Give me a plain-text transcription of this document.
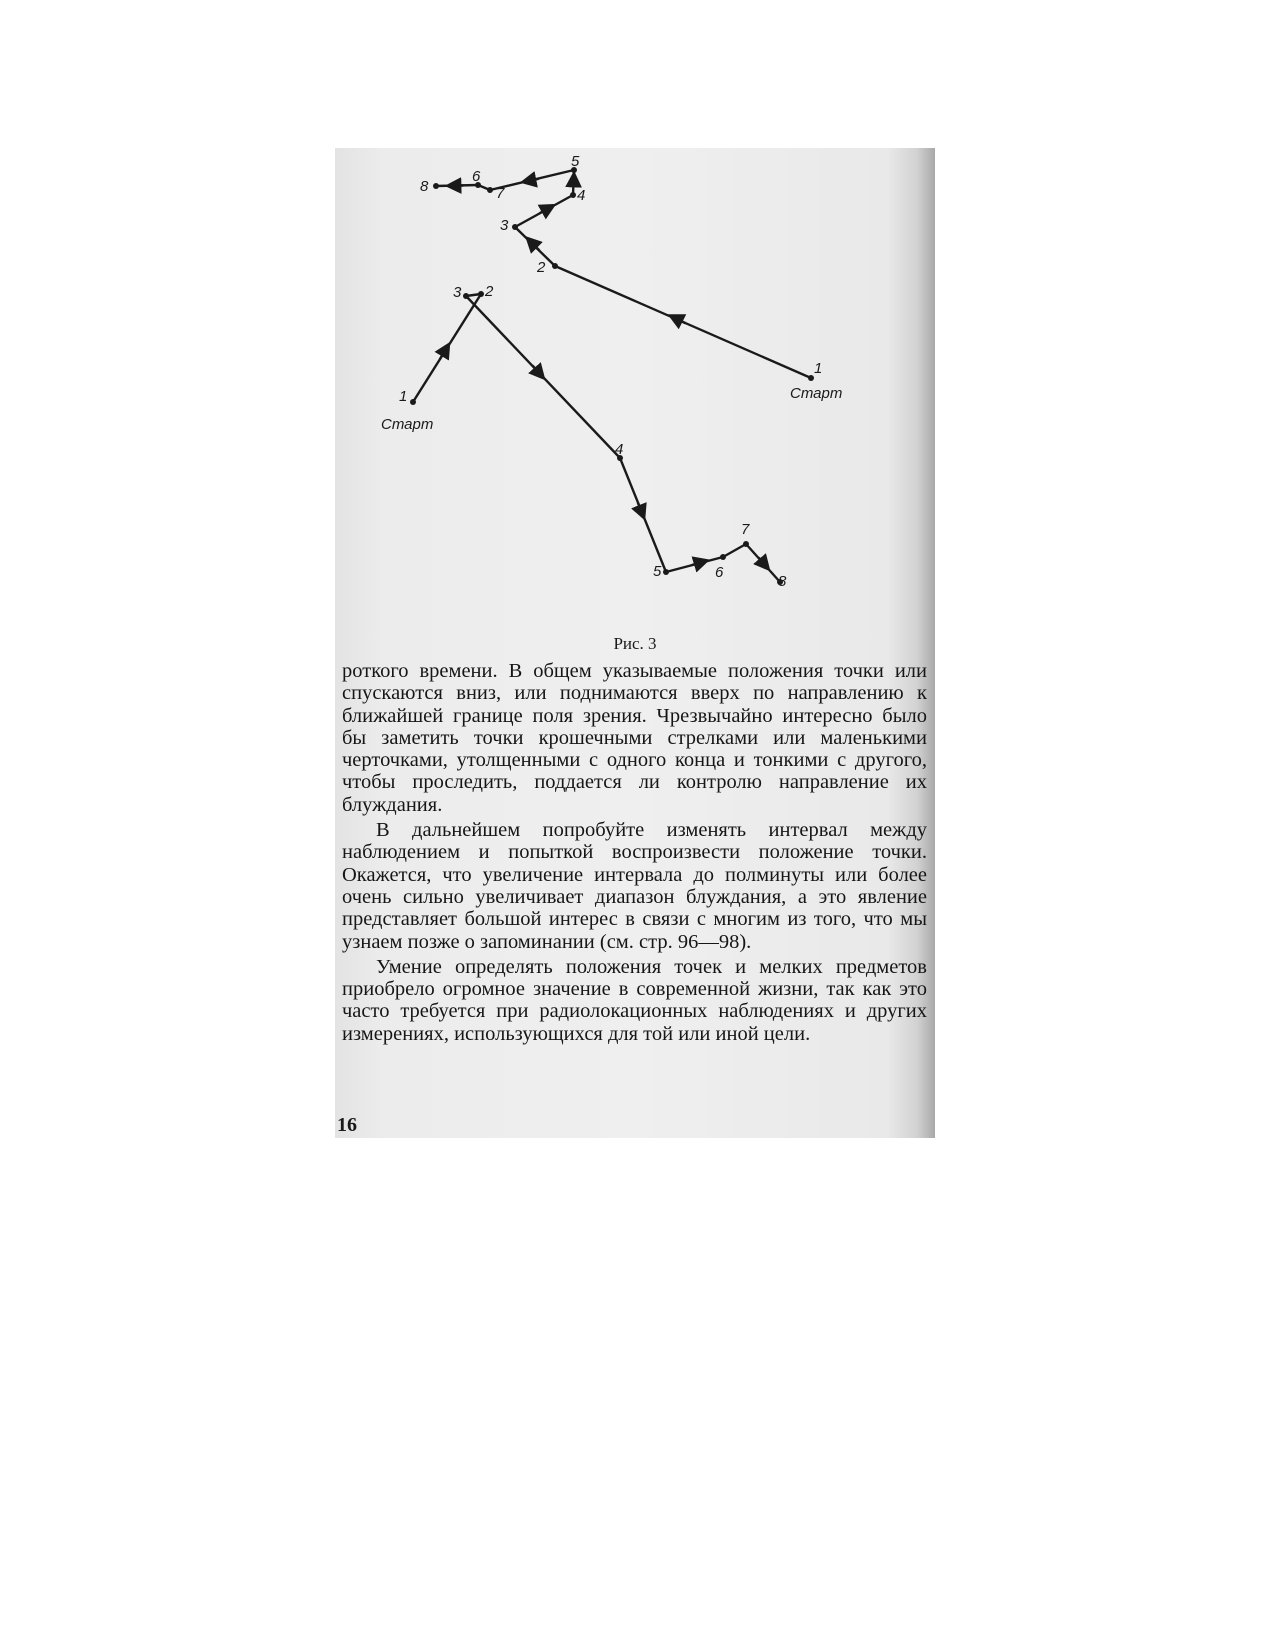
1
2
3
4
5
6
7
8
Старт
1
2
3
4
5	6
7
8
Старт
Рис. 3

роткого времени. В общем указываемые положения точки или спускаются вниз, или поднимаются вверх по направлению к ближайшей границе поля зрения. Чрезвычайно интересно было бы заметить точки крошечными стрелками или маленькими черточками, утолщенными с одного конца и тонкими с другого, чтобы проследить, поддается ли контролю направление их блуждания.

В дальнейшем попробуйте изменять интервал между наблюдением и попыткой воспроизвести положение точки. Окажется, что увеличение интервала до полминуты или более очень сильно увеличивает диапазон блуждания, а это явление представляет большой интерес в связи с многим из того, что мы узнаем позже о запоминании (см. стр. 96—98).

Умение определять положения точек и мелких предметов приобрело огромное значение в современной жизни, так как это часто требуется при радиолокационных наблюдениях и других измерениях, использующихся для той или иной цели.

16
